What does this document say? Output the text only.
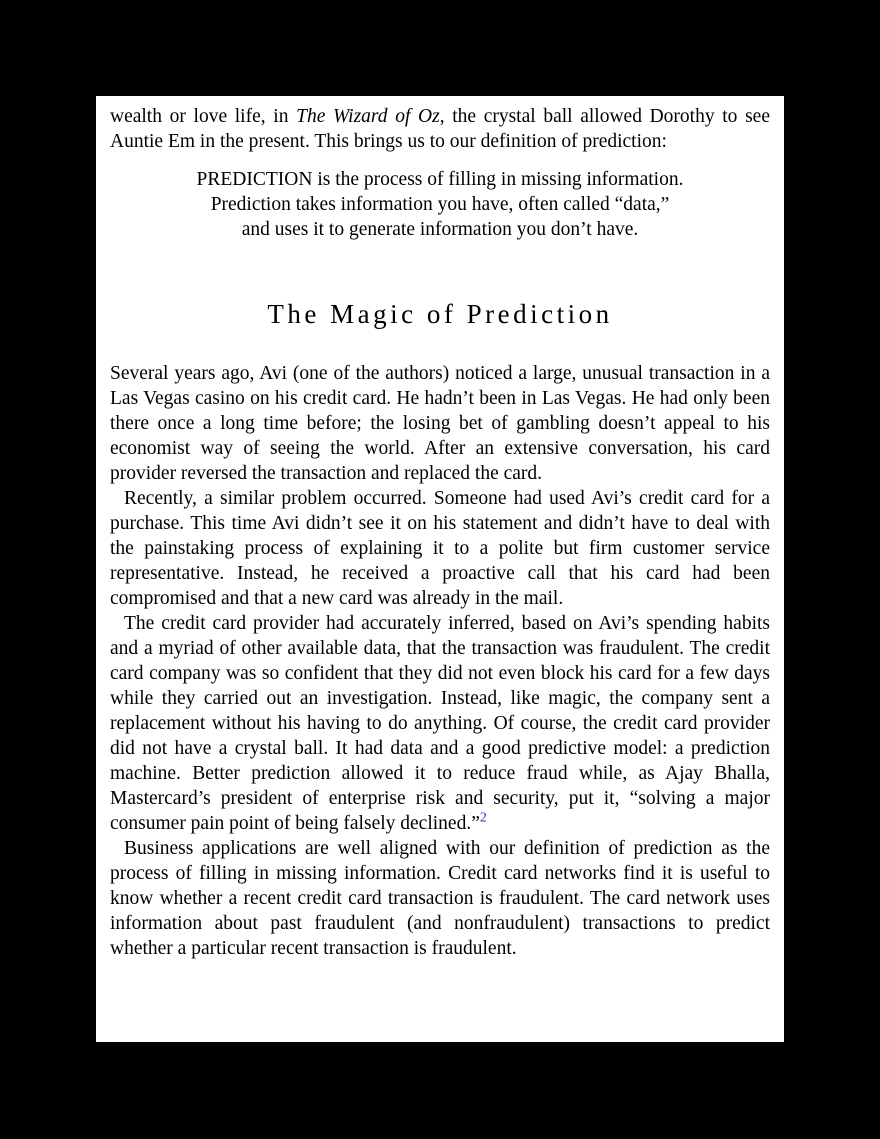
wealth or love life, in The Wizard of Oz, the crystal ball allowed Dorothy to see Auntie Em in the present. This brings us to our definition of prediction:

PREDICTION is the process of filling in missing information.
Prediction takes information you have, often called “data,”
and uses it to generate information you don’t have.
The Magic of Prediction

Several years ago, Avi (one of the authors) noticed a large, unusual transaction in a Las Vegas casino on his credit card. He hadn’t been in Las Vegas. He had only been there once a long time before; the losing bet of gambling doesn’t appeal to his economist way of seeing the world. After an extensive conversation, his card provider reversed the transaction and replaced the card.

Recently, a similar problem occurred. Someone had used Avi’s credit card for a purchase. This time Avi didn’t see it on his statement and didn’t have to deal with the painstaking process of explaining it to a polite but firm customer service representative. Instead, he received a proactive call that his card had been compromised and that a new card was already in the mail.

The credit card provider had accurately inferred, based on Avi’s spending habits and a myriad of other available data, that the transaction was fraudulent. The credit card company was so confident that they did not even block his card for a few days while they carried out an investigation. Instead, like magic, the company sent a replacement without his having to do anything. Of course, the credit card provider did not have a crystal ball. It had data and a good predictive model: a prediction machine. Better prediction allowed it to reduce fraud while, as Ajay Bhalla, Mastercard’s president of enterprise risk and security, put it, “solving a major consumer pain point of being falsely declined.”$^2$

Business applications are well aligned with our definition of prediction as the process of filling in missing information. Credit card networks find it is useful to know whether a recent credit card transaction is fraudulent. The card network uses information about past fraudulent (and nonfraudulent) transactions to predict whether a particular recent transaction is fraudulent.
